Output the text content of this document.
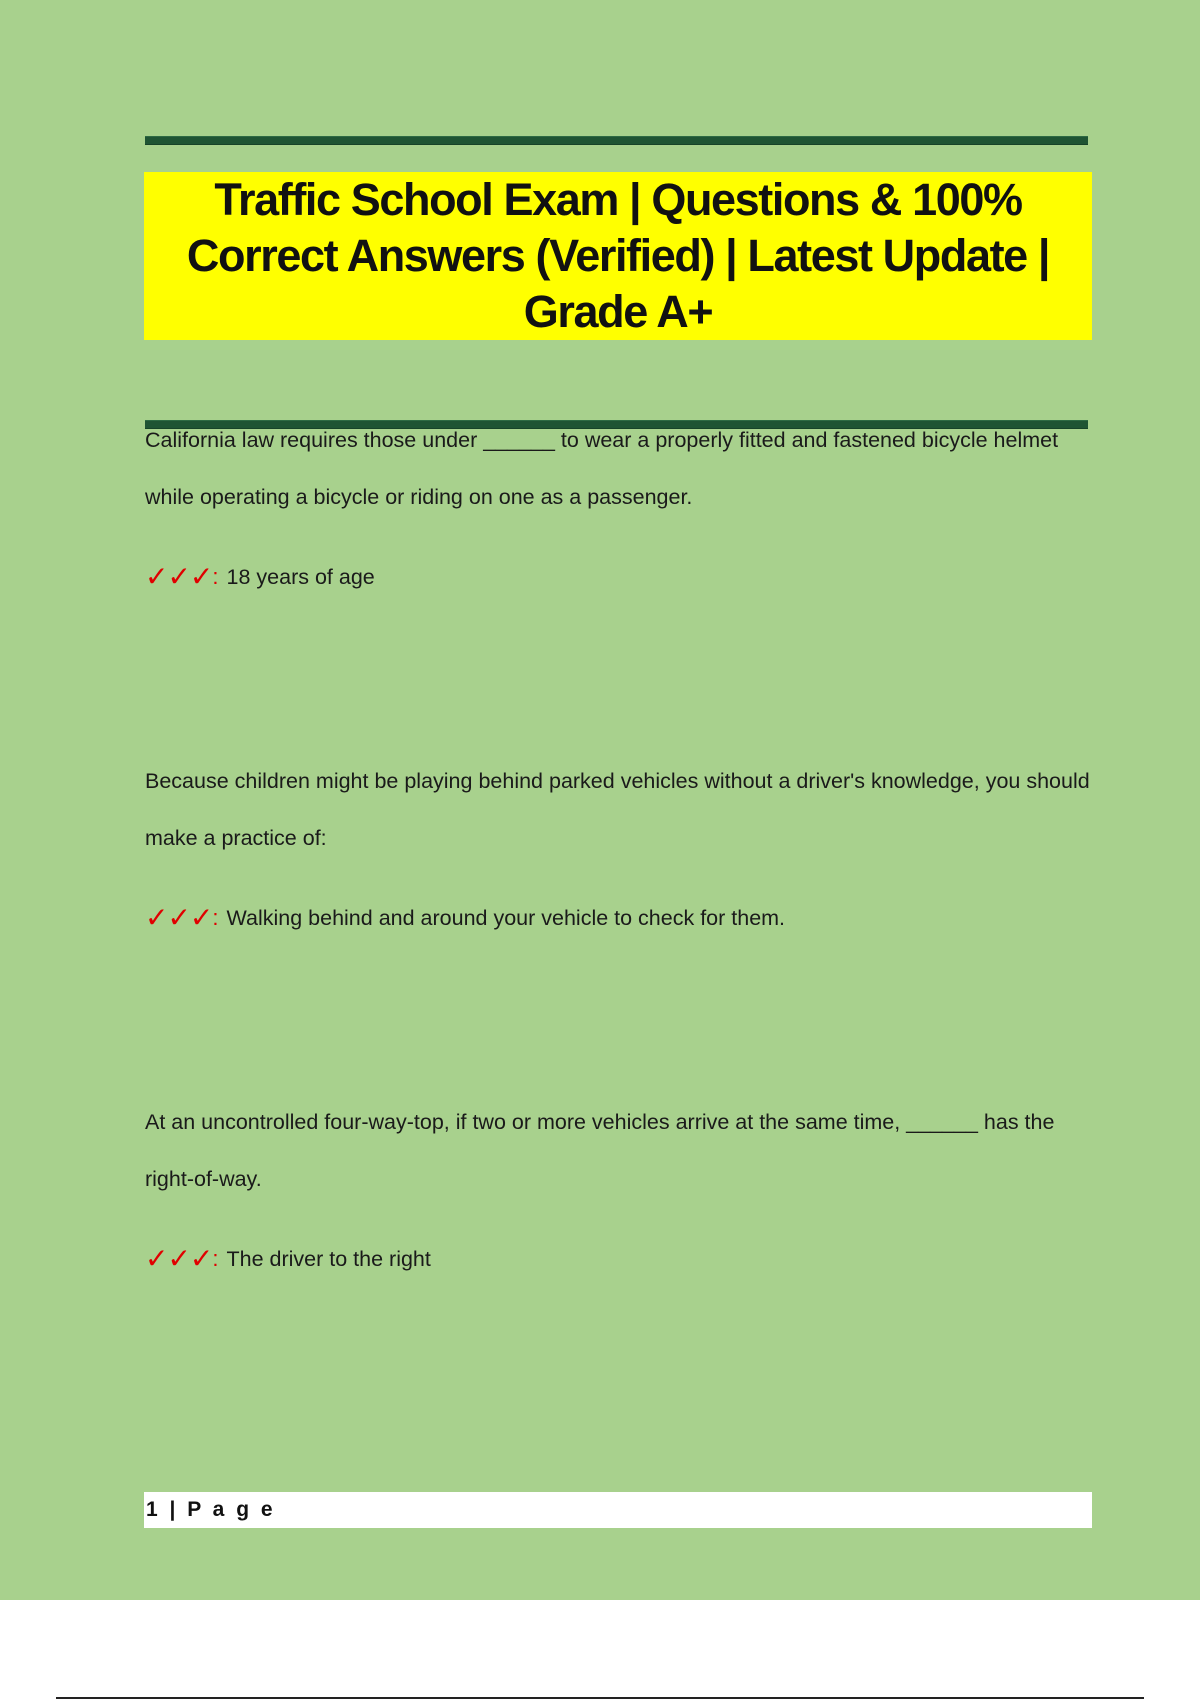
Traffic School Exam | Questions & 100% Correct Answers (Verified) | Latest Update | Grade A+

California law requires those under ______ to wear a properly fitted and fastened bicycle helmet while operating a bicycle or riding on one as a passenger.

✓✓✓ : 18 years of age

Because children might be playing behind parked vehicles without a driver's knowledge, you should make a practice of:

✓✓✓ : Walking behind and around your vehicle to check for them.

At an uncontrolled four-way-top, if two or more vehicles arrive at the same time, ______ has the right-of-way.

✓✓✓ : The driver to the right
1 | P a g e
